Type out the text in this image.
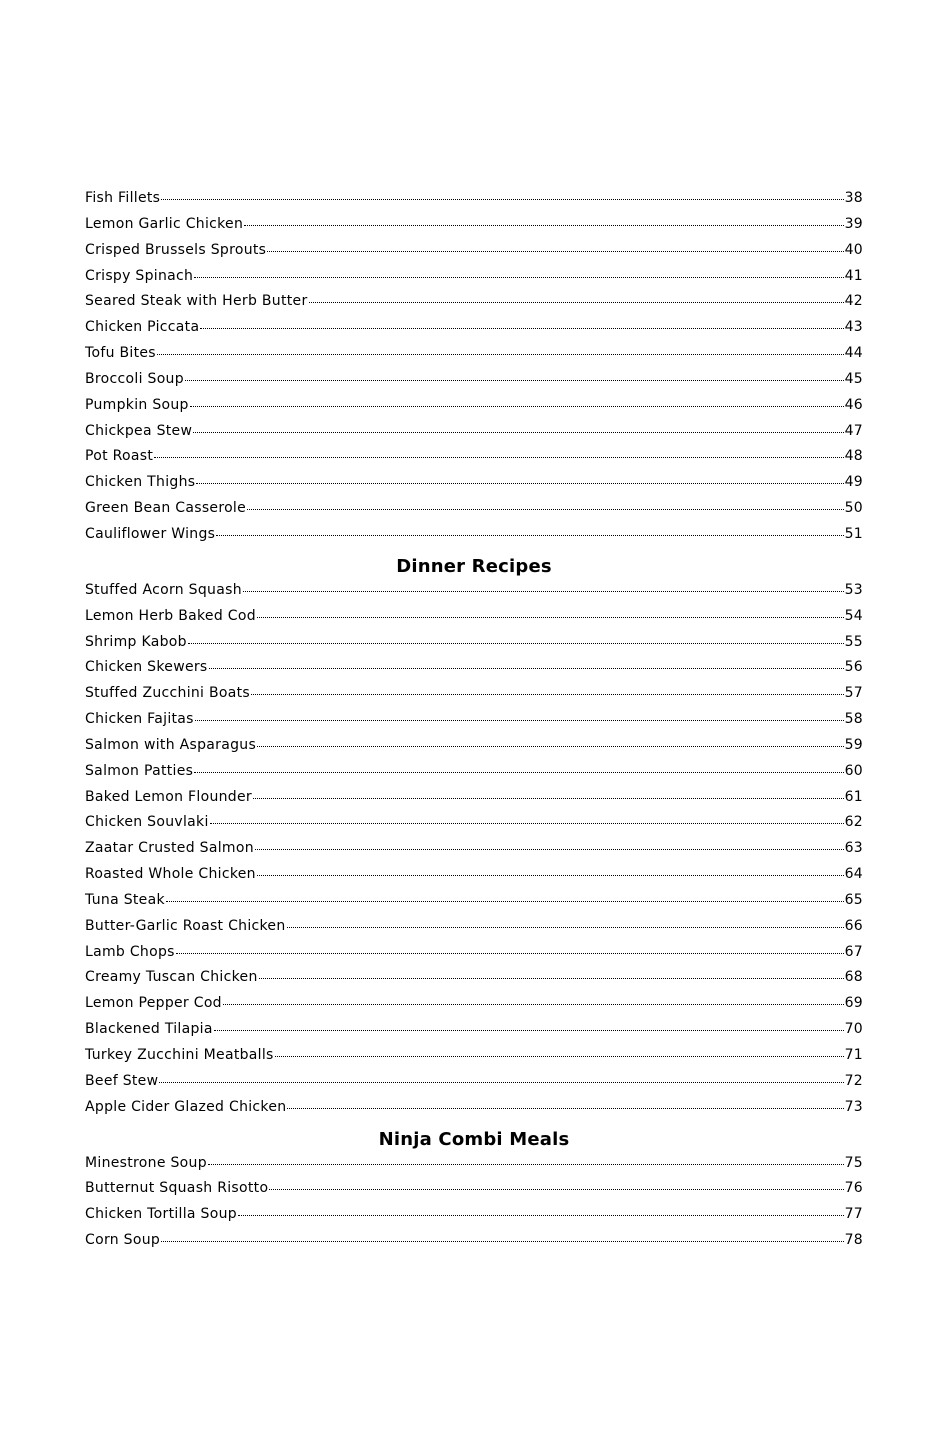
Fish Fillets	38
Lemon Garlic Chicken	39
Crisped Brussels Sprouts	40
Crispy Spinach	41
Seared Steak with Herb Butter	42
Chicken Piccata	43
Tofu Bites	44
Broccoli Soup	45
Pumpkin Soup	46
Chickpea Stew	47
Pot Roast	48
Chicken Thighs	49
Green Bean Casserole	50
Cauliflower Wings	51
Dinner Recipes
Stuffed Acorn Squash	53
Lemon Herb Baked Cod	54
Shrimp Kabob	55
Chicken Skewers	56
Stuffed Zucchini Boats	57
Chicken Fajitas	58
Salmon with Asparagus	59
Salmon Patties	60
Baked Lemon Flounder	61
Chicken Souvlaki	62
Zaatar Crusted Salmon	63
Roasted Whole Chicken	64
Tuna Steak	65
Butter-Garlic Roast Chicken	66
Lamb Chops	67
Creamy Tuscan Chicken	68
Lemon Pepper Cod	69
Blackened Tilapia	70
Turkey Zucchini Meatballs	71
Beef Stew	72
Apple Cider Glazed Chicken	73
Ninja Combi Meals
Minestrone Soup	75
Butternut Squash Risotto	76
Chicken Tortilla Soup	77
Corn Soup	78
